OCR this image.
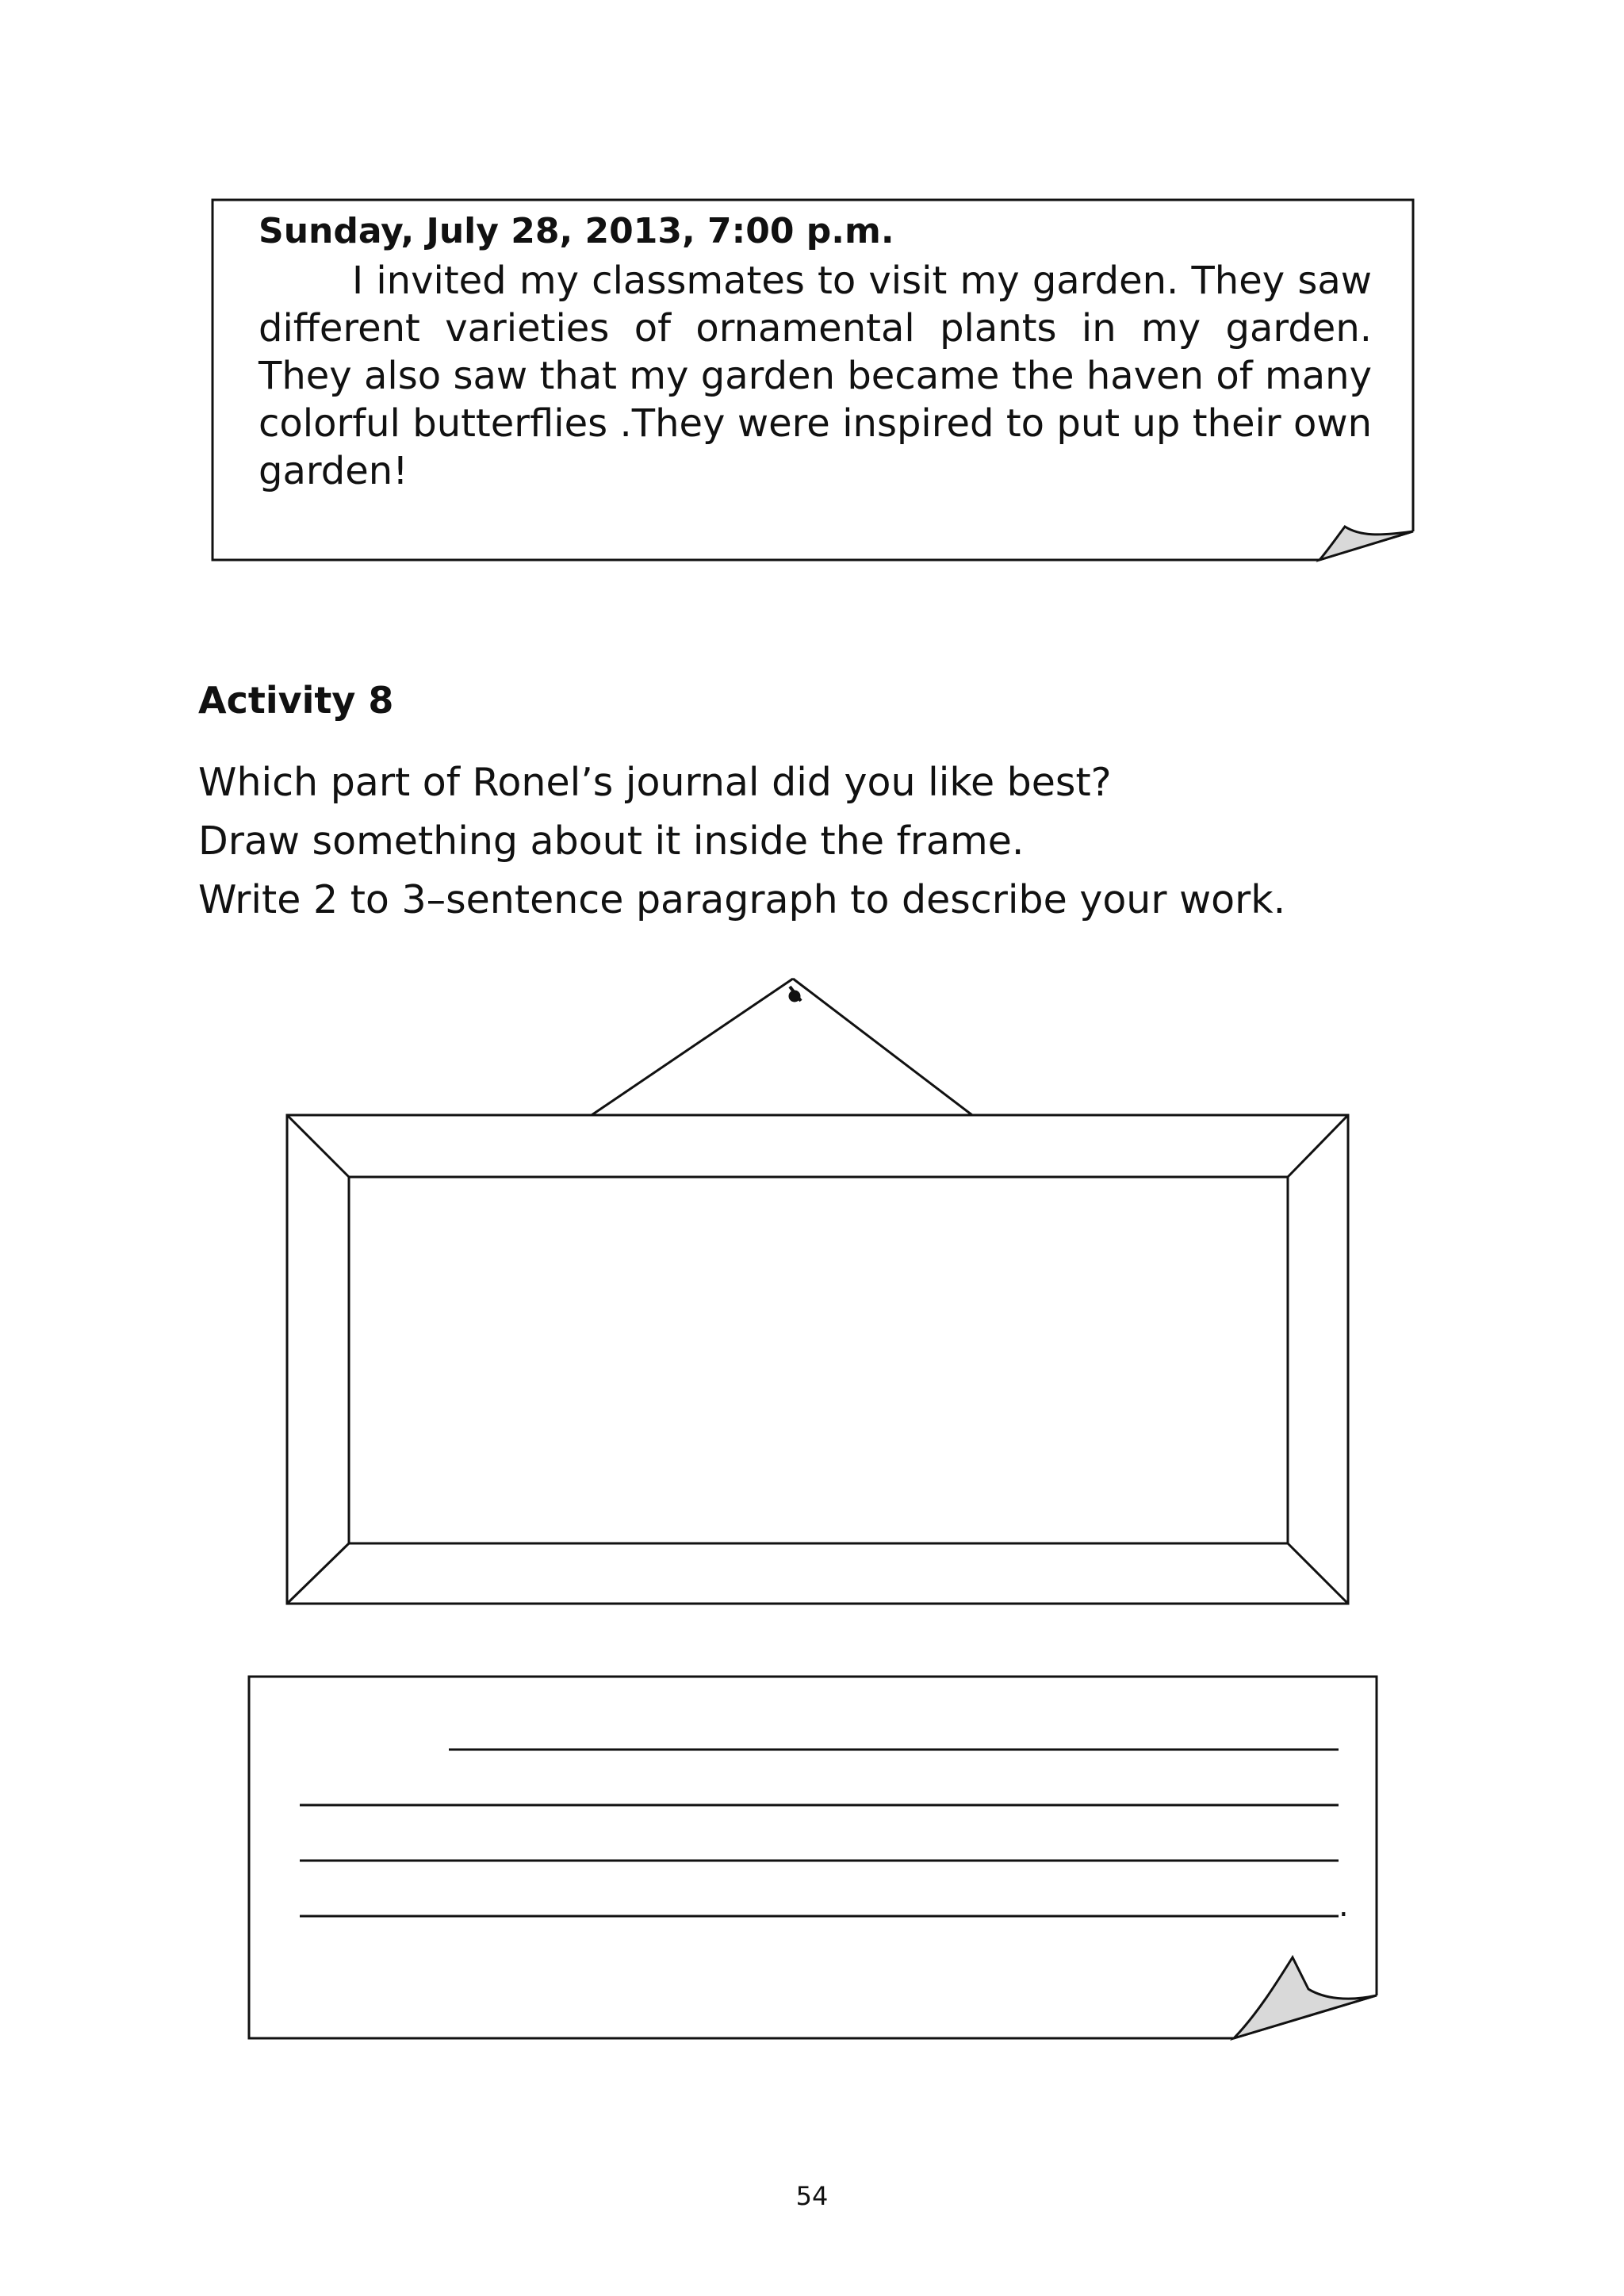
Sunday, July 28, 2013, 7:00 p.m.
I invited my classmates to visit my garden. They saw different varieties of ornamental plants in my garden. They also saw that my garden became the haven of many colorful butterflies .They were inspired to put up their own garden!
Activity 8
Which part of Ronel’s journal did you like best?
Draw something about it inside the frame.
Write 2 to 3–sentence paragraph to describe your work.
.
54
